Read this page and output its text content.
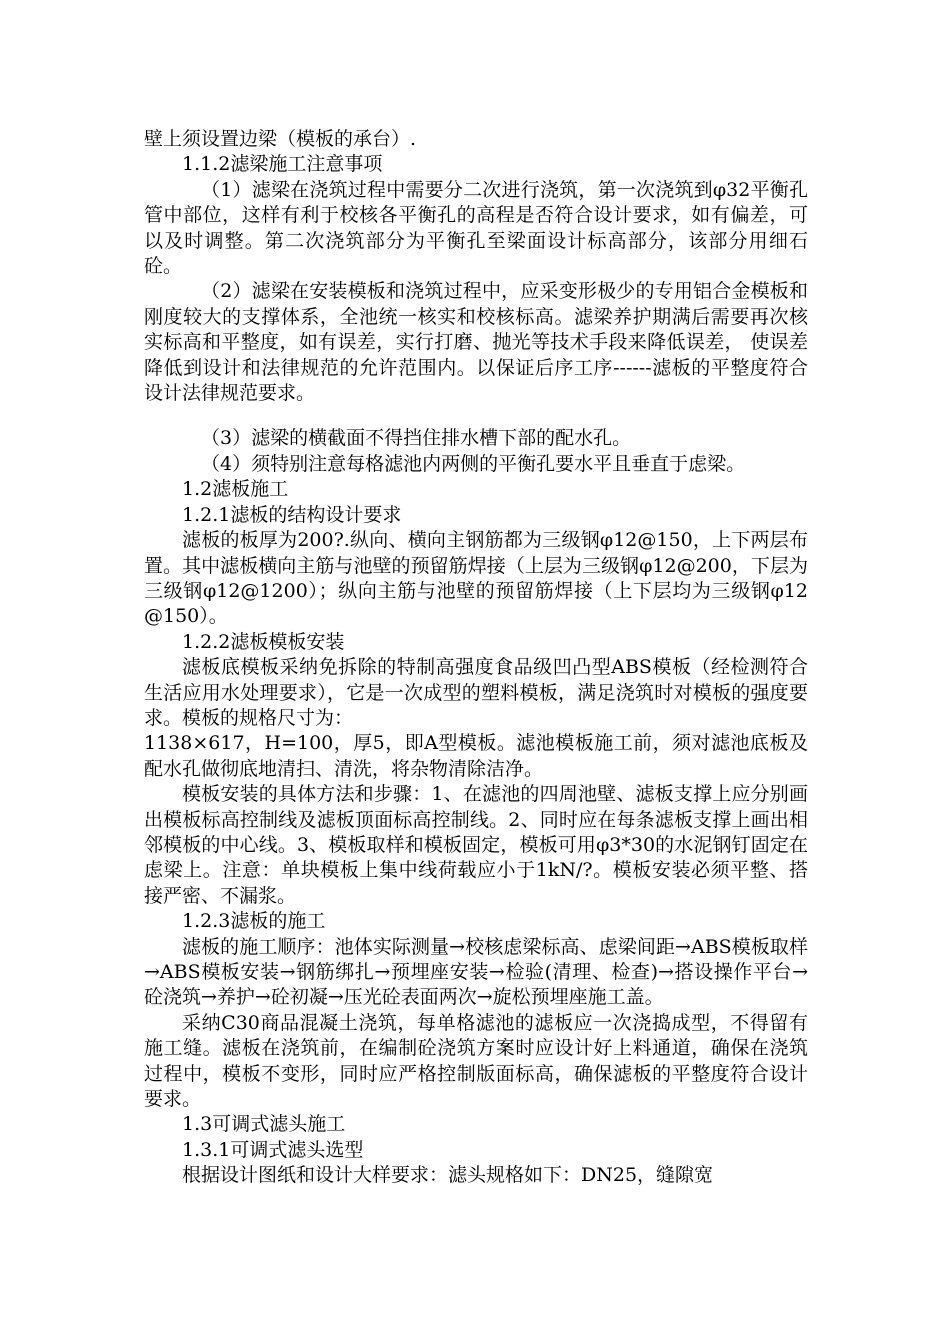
壁上须设置边梁（模板的承台）.

1.1.2滤梁施工注意事项

（1）滤梁在浇筑过程中需要分二次进行浇筑，第一次浇筑到φ32平衡孔管中部位，这样有利于校核各平衡孔的高程是否符合设计要求，如有偏差，可以及时调整。第二次浇筑部分为平衡孔至梁面设计标高部分，该部分用细石砼。

（2）滤梁在安装模板和浇筑过程中，应采变形极少的专用铝合金模板和刚度较大的支撑体系，全池统一核实和校核标高。滤梁养护期满后需要再次核实标高和平整度，如有误差，实行打磨、抛光等技术手段来降低误差， 使误差降低到设计和法律规范的允许范围内。以保证后序工序------滤板的平整度符合设计法律规范要求。

（3）滤梁的横截面不得挡住排水槽下部的配水孔。

（4）须特别注意每格滤池内两侧的平衡孔要水平且垂直于虑梁。

1.2滤板施工

1.2.1滤板的结构设计要求

滤板的板厚为200?.纵向、横向主钢筋都为三级钢φ12@150，上下两层布置。其中滤板横向主筋与池壁的预留筋焊接（上层为三级钢φ12@200，下层为三级钢φ12@1200）；纵向主筋与池壁的预留筋焊接（上下层均为三级钢φ12@150）。

1.2.2滤板模板安装

滤板底模板采纳免拆除的特制高强度食品级凹凸型ABS模板（经检测符合生活应用水处理要求），它是一次成型的塑料模板，满足浇筑时对模板的强度要求。模板的规格尺寸为：

1138×617，H=100，厚5，即A型模板。滤池模板施工前，须对滤池底板及配水孔做彻底地清扫、清洗，将杂物清除洁净。

模板安装的具体方法和步骤：1、在滤池的四周池壁、滤板支撑上应分别画出模板标高控制线及滤板顶面标高控制线。2、同时应在每条滤板支撑上画出相邻模板的中心线。3、模板取样和模板固定，模板可用φ3*30的水泥钢钉固定在虑梁上。注意：单块模板上集中线荷载应小于1kN/?。模板安装必须平整、搭接严密、不漏浆。

1.2.3滤板的施工

滤板的施工顺序：池体实际测量→校核虑梁标高、虑梁间距→ABS模板取样→ABS模板安装→钢筋绑扎→预埋座安装→检验(清理、检查)→搭设操作平台→砼浇筑→养护→砼初凝→压光砼表面两次→旋松预埋座施工盖。

采纳C30商品混凝土浇筑，每单格滤池的滤板应一次浇捣成型，不得留有施工缝。滤板在浇筑前，在编制砼浇筑方案时应设计好上料通道，确保在浇筑过程中，模板不变形，同时应严格控制版面标高，确保滤板的平整度符合设计要求。

1.3可调式滤头施工

1.3.1可调式滤头选型

根据设计图纸和设计大样要求：滤头规格如下：DN25，缝隙宽
